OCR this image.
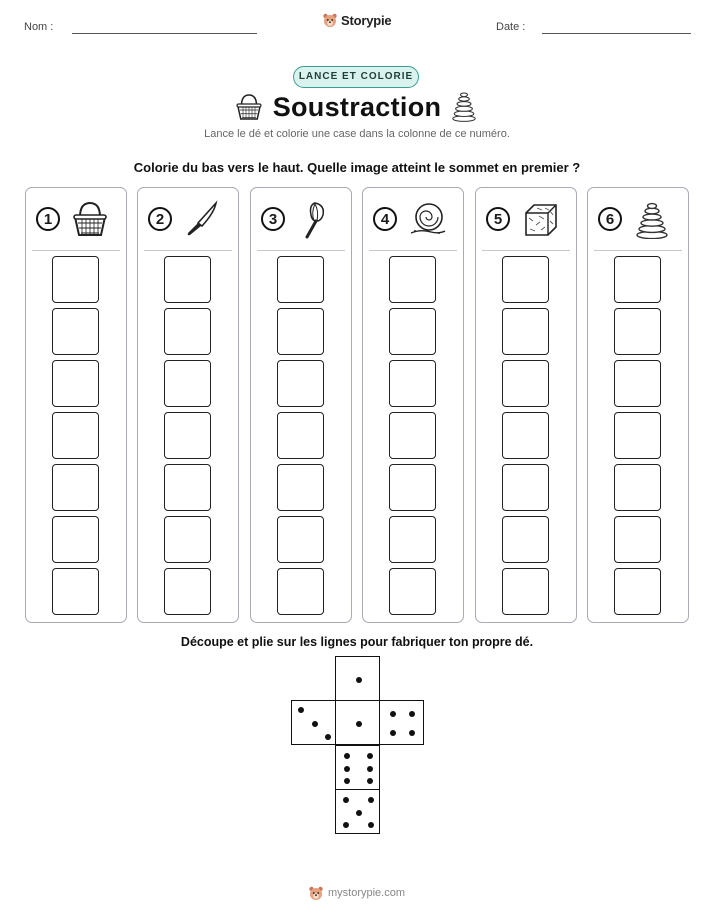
Nom :	Storypie	Date :
LANCE ET COLORIE
Soustraction
Lance le dé et colorie une case dans la colonne de ce numéro.
Colorie du bas vers le haut. Quelle image atteint le sommet en premier ?
1	2	3	4	5	6
Découpe et plie sur les lignes pour fabriquer ton propre dé.
mystorypie.com
